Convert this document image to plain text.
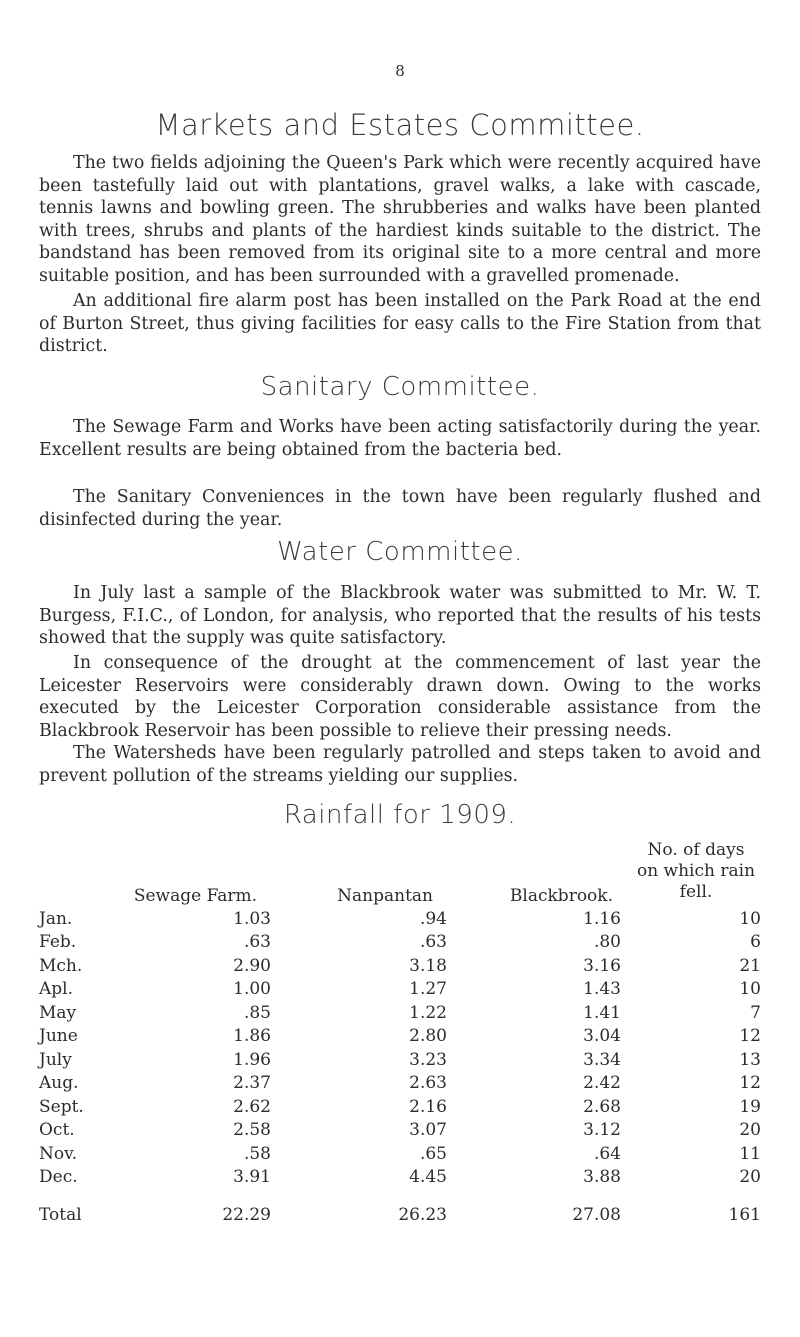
8
Markets and Estates Committee.

The two fields adjoining the Queen's Park which were recently acquired have been tastefully laid out with plantations, gravel walks, a lake with cascade, tennis lawns and bowling green. The shrubberies and walks have been planted with trees, shrubs and plants of the hardiest kinds suitable to the district. The bandstand has been removed from its original site to a more central and more suitable position, and has been surrounded with a gravelled promenade.

An additional fire alarm post has been installed on the Park Road at the end of Burton Street, thus giving facilities for easy calls to the Fire Station from that district.

Sanitary Committee.

The Sewage Farm and Works have been acting satisfactorily during the year. Excellent results are being obtained from the bacteria bed.

The Sanitary Conveniences in the town have been regularly flushed and disinfected during the year.

Water Committee.

In July last a sample of the Blackbrook water was submitted to Mr. W. T. Burgess, F.I.C., of London, for analysis, who reported that the results of his tests showed that the supply was quite satisfactory.

In consequence of the drought at the commencement of last year the Leicester Reservoirs were considerably drawn down. Owing to the works executed by the Leicester Corporation considerable assistance from the Blackbrook Reservoir has been possible to relieve their pressing needs.

The Watersheds have been regularly patrolled and steps taken to avoid and prevent pollution of the streams yielding our supplies.

Rainfall for 1909.
	Sewage Farm.	Nanpantan	Blackbrook.	No. of days
on which rain
fell.

Jan.	1.03	.94	1.16	10
Feb.	.63	.63	.80	6
Mch.	2.90	3.18	3.16	21
Apl.	1.00	1.27	1.43	10
May	.85	1.22	1.41	7
June	1.86	2.80	3.04	12
July	1.96	3.23	3.34	13
Aug.	2.37	2.63	2.42	12
Sept.	2.62	2.16	2.68	19
Oct.	2.58	3.07	3.12	20
Nov.	.58	.65	.64	11
Dec.	3.91	4.45	3.88	20
Total	22.29	26.23	27.08	161
